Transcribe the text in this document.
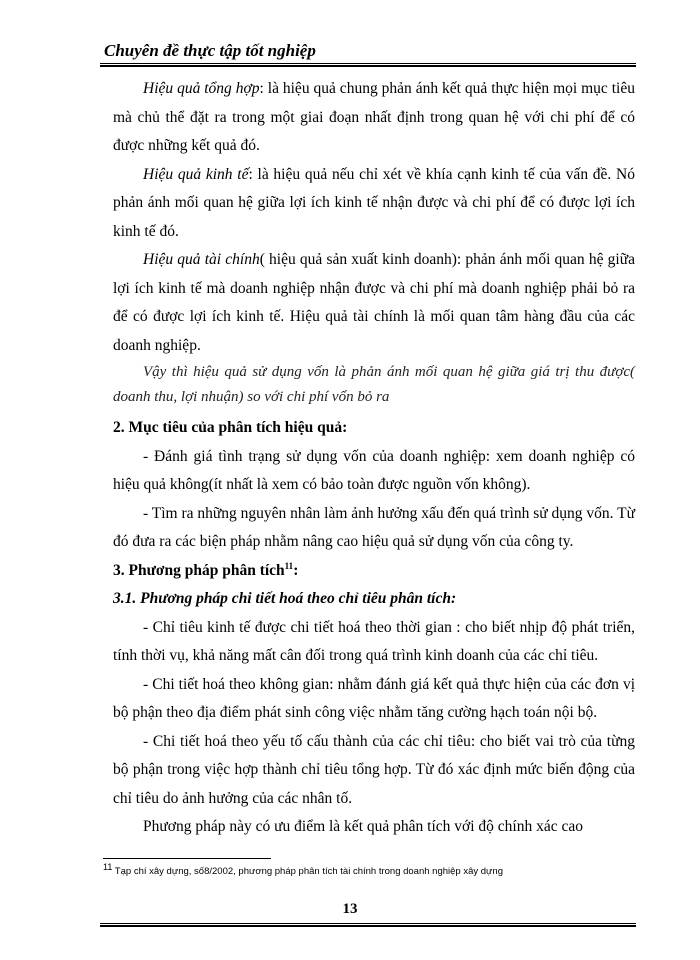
Chuyên đề thực tập tốt nghiệp

Hiệu quả tổng hợp: là hiệu quả chung phản ánh kết quả thực hiện mọi mục tiêu mà chủ thể đặt ra trong một giai đoạn nhất định trong quan hệ với chi phí để có được những kết quả đó.

Hiệu quả kinh tế: là hiệu quả nếu chỉ xét về khía cạnh kinh tế của vấn đề. Nó phản ánh mối quan hệ giữa lợi ích kinh tế nhận được và chi phí để có được lợi ích kinh tế đó.

Hiệu quả tài chính( hiệu quả sản xuất kinh doanh): phản ánh mối quan hệ giữa lợi ích kinh tế mà doanh nghiệp nhận được và chi phí mà doanh nghiệp phải bỏ ra để có được lợi ích kinh tế. Hiệu quả tài chính là mối quan tâm hàng đầu của các doanh nghiệp.

Vậy thì hiệu quả sử dụng vốn là phản ánh mối quan hệ giữa giá trị thu được( doanh thu, lợi nhuận) so với chi phí vốn bỏ ra

2. Mục tiêu của phân tích hiệu quả:

- Đánh giá tình trạng sử dụng vốn của doanh nghiệp: xem doanh nghiệp có hiệu quả không(ít nhất là xem có bảo toàn được nguồn vốn không).

- Tìm ra những nguyên nhân làm ảnh hưởng xấu đến quá trình sử dụng vốn. Từ đó đưa ra các biện pháp nhằm nâng cao hiệu quả sử dụng vốn của công ty.

3. Phương pháp phân tích$^{11}$:

3.1. Phương pháp chi tiết hoá theo chỉ tiêu phân tích:

- Chỉ tiêu kinh tế được chi tiết hoá theo thời gian : cho biết nhịp độ phát triển, tính thời vụ, khả năng mất cân đối trong quá trình kinh doanh của các chỉ tiêu.

- Chi tiết hoá theo không gian: nhằm đánh giá kết quả thực hiện của các đơn vị bộ phận theo địa điểm phát sinh công việc nhằm tăng cường hạch toán nội bộ.

- Chi tiết hoá theo yếu tố cấu thành của các chỉ tiêu: cho biết vai trò của từng bộ phận trong việc hợp thành chỉ tiêu tổng hợp. Từ đó xác định mức biến động của chỉ tiêu do ảnh hưởng của các nhân tố.

Phương pháp này có ưu điểm là kết quả phân tích với độ chính xác cao

$^{11}$ Tạp chí xây dựng, số8/2002, phương pháp phân tích tài chính trong doanh nghiệp xây dựng
13
